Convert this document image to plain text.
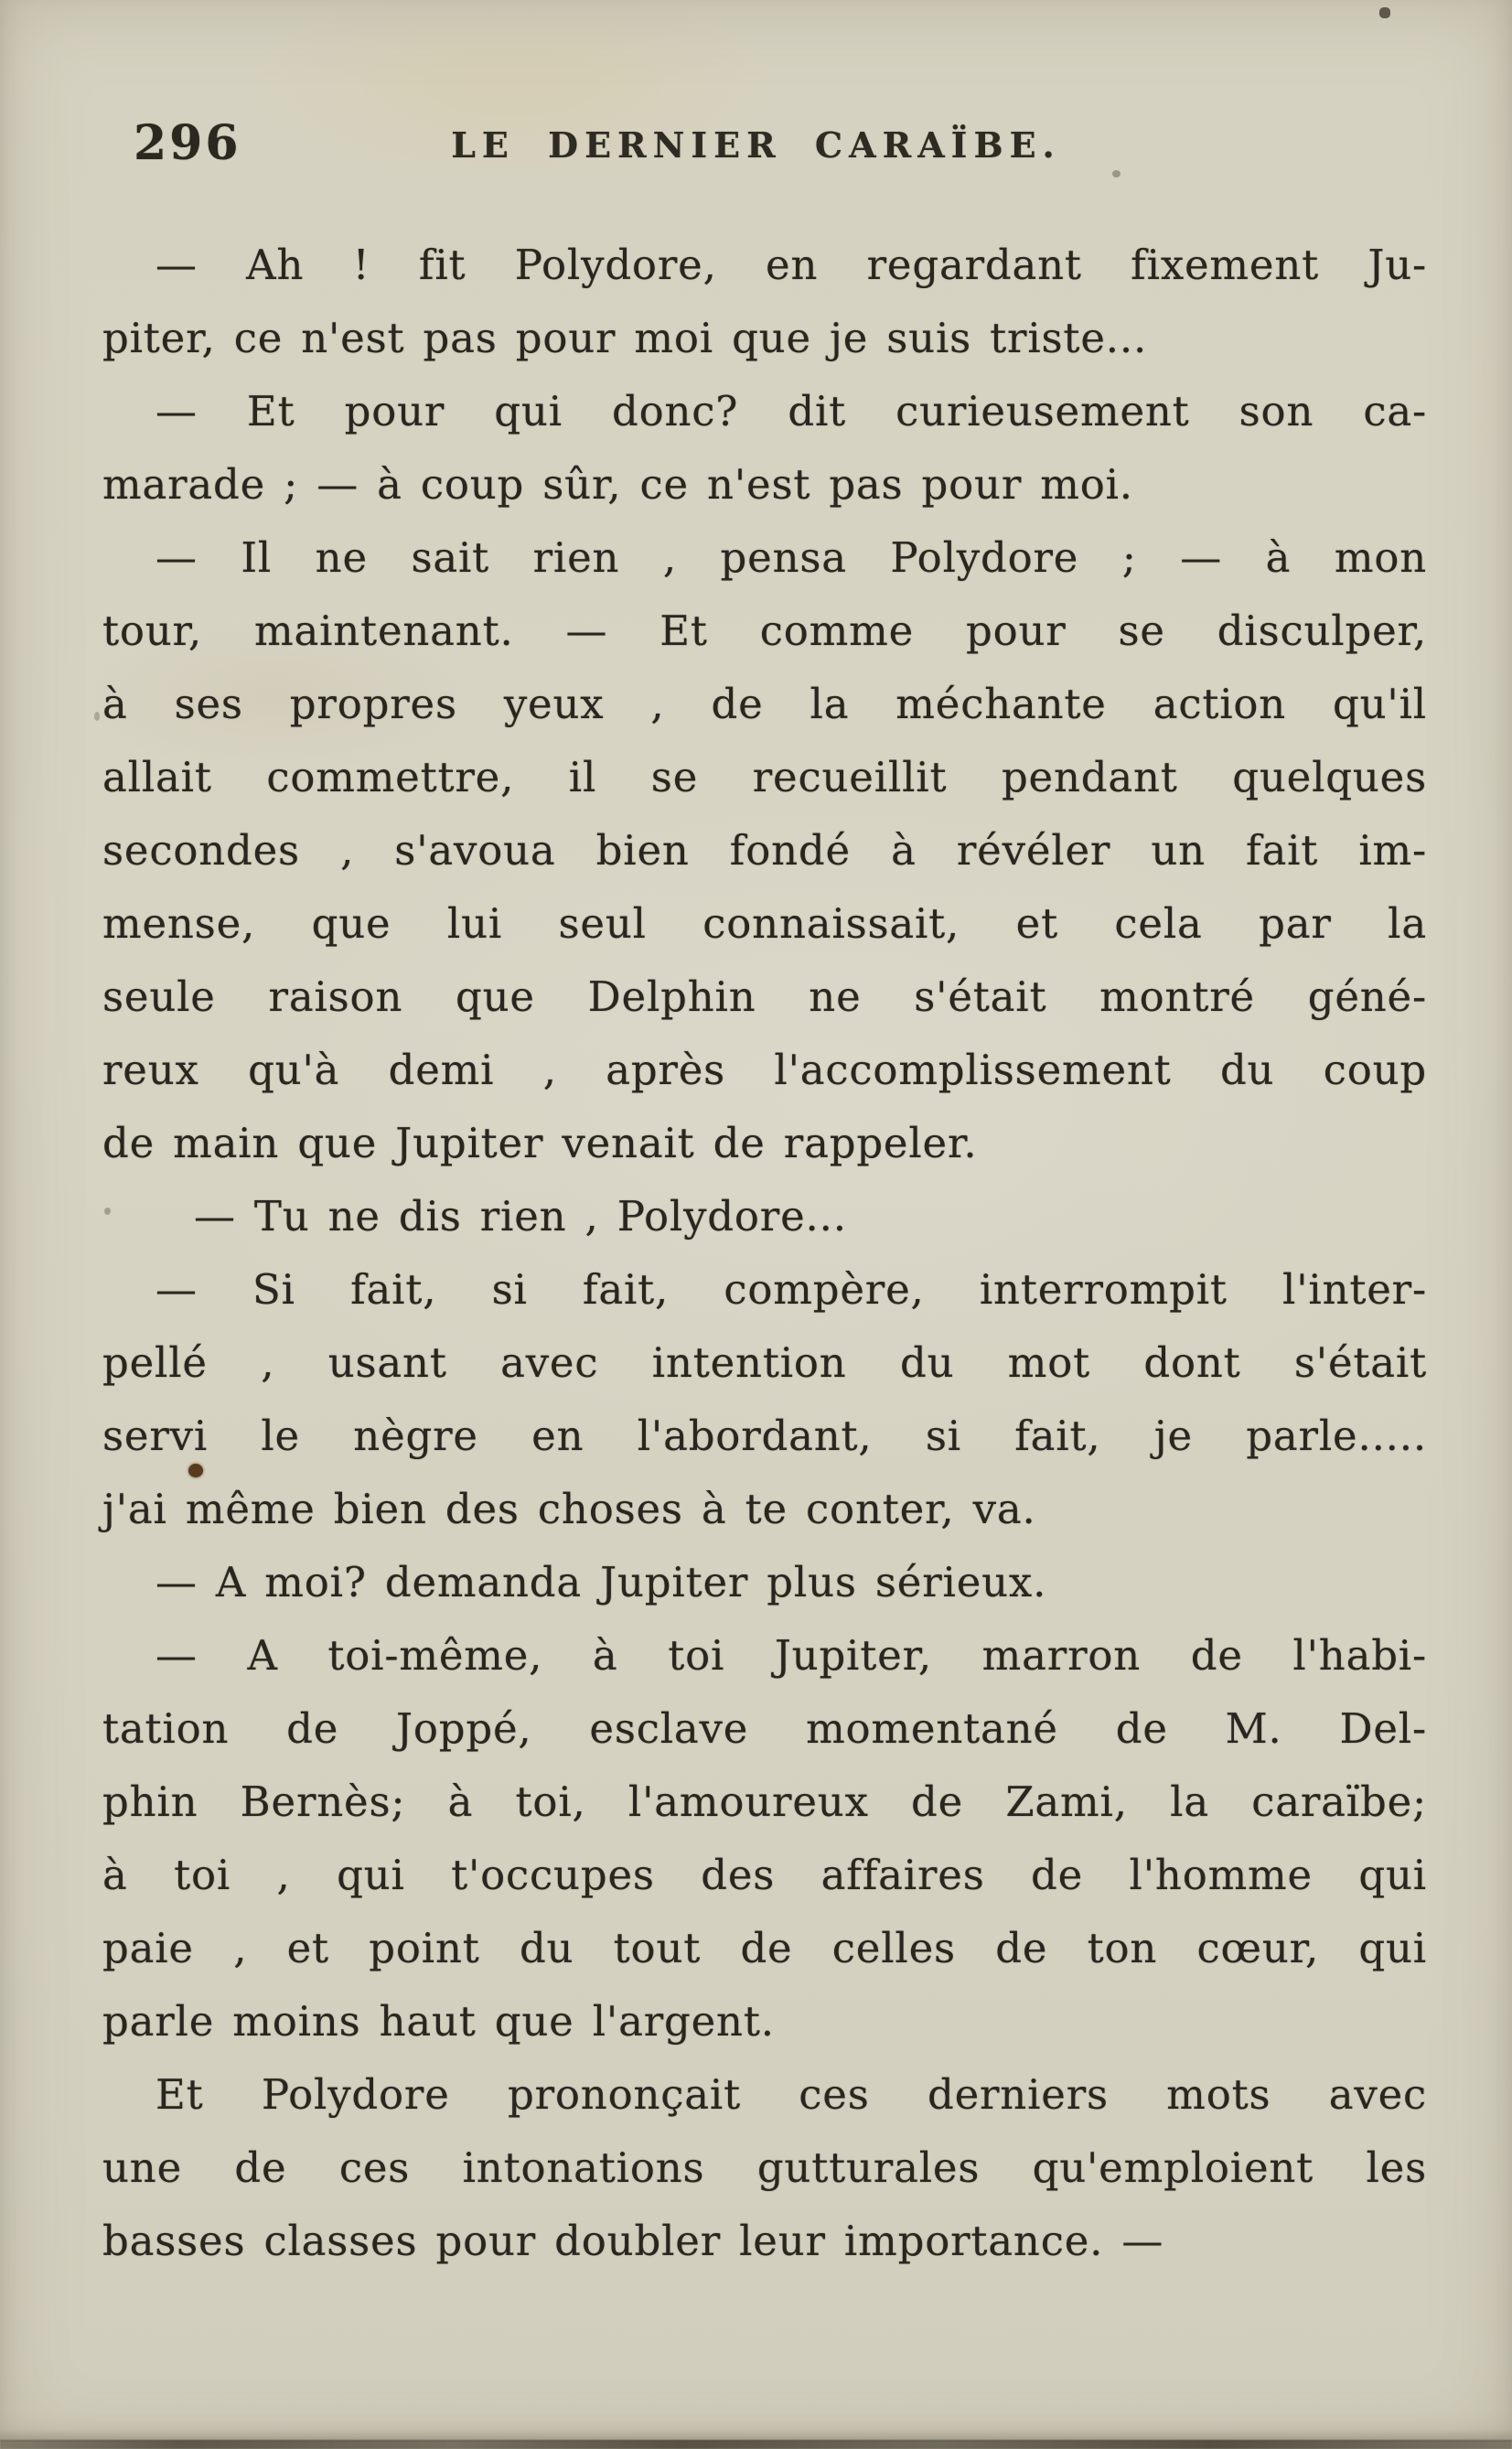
296	LE DERNIER CARAÏBE.
— Ah ! fit Polydore, en regardant fixement Ju-
piter, ce n'est pas pour moi que je suis triste...
— Et pour qui donc? dit curieusement son ca-
marade ; — à coup sûr, ce n'est pas pour moi.
— Il ne sait rien , pensa Polydore ; — à mon
tour, maintenant. — Et comme pour se disculper,
à ses propres yeux , de la méchante action qu'il
allait commettre, il se recueillit pendant quelques
secondes , s'avoua bien fondé à révéler un fait im-
mense, que lui seul connaissait, et cela par la
seule raison que Delphin ne s'était montré géné-
reux qu'à demi , après l'accomplissement du coup
de main que Jupiter venait de rappeler.
— Tu ne dis rien , Polydore...
— Si fait, si fait, compère, interrompit l'inter-
pellé , usant avec intention du mot dont s'était
servi le nègre en l'abordant, si fait, je parle.....
j'ai même bien des choses à te conter, va.
— A moi? demanda Jupiter plus sérieux.
— A toi-même, à toi Jupiter, marron de l'habi-
tation de Joppé, esclave momentané de M. Del-
phin Bernès; à toi, l'amoureux de Zami, la caraïbe;
à toi , qui t'occupes des affaires de l'homme qui
paie , et point du tout de celles de ton cœur, qui
parle moins haut que l'argent.
Et Polydore prononçait ces derniers mots avec
une de ces intonations gutturales qu'emploient les
basses classes pour doubler leur importance. —
